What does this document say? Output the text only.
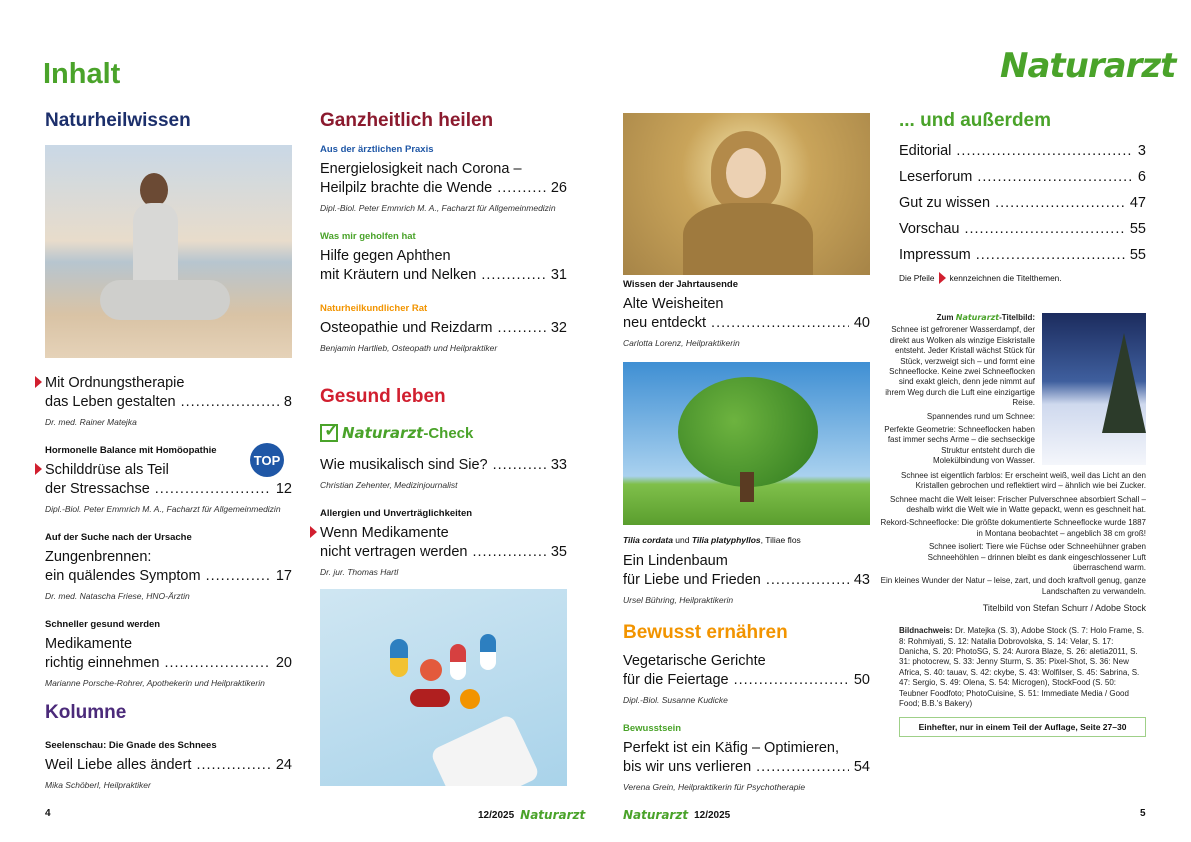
Inhalt	Naturarzt
Naturheilwissen
Mit Ordnungstherapie
das Leben gestalten .....	8
Dr. med. Rainer Matejka
Hormonelle Balance mit Homöopathie
Schilddrüse als Teil
der Stressachse .....	12
TOP
Dipl.-Biol. Peter Emmrich M. A., Facharzt für Allgemeinmedizin
Auf der Suche nach der Ursache
Zungenbrennen:
ein quälendes Symptom .....	17
Dr. med. Natascha Friese, HNO-Ärztin
Schneller gesund werden
Medikamente
richtig einnehmen .....	20
Marianne Porsche-Rohrer, Apothekerin und Heilpraktikerin
Kolumne
Seelenschau: Die Gnade des Schnees
Weil Liebe alles ändert .....	24
Mika Schöberl, Heilpraktiker
Ganzheitlich heilen
Aus der ärztlichen Praxis
Energielosigkeit nach Corona –
Heilpilz brachte die Wende .....	26
Dipl.-Biol. Peter Emmrich M. A., Facharzt für Allgemeinmedizin
Was mir geholfen hat
Hilfe gegen Aphthen
mit Kräutern und Nelken .....	31
Naturheilkundlicher Rat
Osteopathie und Reizdarm .....	32
Benjamin Hartlieb, Osteopath und Heilpraktiker
Gesund leben
✓ Naturarzt -Check
Wie musikalisch sind Sie? .....	33
Christian Zehenter, Medizinjournalist
Allergien und Unverträglichkeiten
Wenn Medikamente
nicht vertragen werden .....	35
Dr. jur. Thomas Hartl
Wissen der Jahrtausende
Alte Weisheiten
neu entdeckt .....	40
Carlotta Lorenz, Heilpraktikerin
Tilia cordata und Tilia platyphyllos, Tiliae flos
Ein Lindenbaum
für Liebe und Frieden .....	43
Ursel Bühring, Heilpraktikerin
Bewusst ernähren
Vegetarische Gerichte
für die Feiertage .....	50
Dipl.-Biol. Susanne Kudicke
Bewusstsein
Perfekt ist ein Käfig – Optimieren,
bis wir uns verlieren .....	54
Verena Grein, Heilpraktikerin für Psychotherapie
... und außerdem
Editorial .....	3
Leserforum .....	6
Gut zu wissen .....	47
Vorschau .....	55
Impressum .....	55
Die Pfeile kennzeichnen die Titelthemen.
Zum Naturarzt-Titelbild:
Schnee ist gefrorener Wasserdampf, der direkt aus Wolken als winzige Eiskristalle entsteht. Jeder Kristall wächst Stück für Stück, verzweigt sich – und formt eine Schneeflocke. Keine zwei Schneeflocken sind exakt gleich, denn jede nimmt auf ihrem Weg durch die Luft eine einzigartige Reise.
Spannendes rund um Schnee:
Perfekte Geometrie: Schneeflocken haben fast immer sechs Arme – die sechseckige Struktur entsteht durch die Molekülbindung von Wasser.
Schnee ist eigentlich farblos: Er erscheint weiß, weil das Licht an den Kristallen gebrochen und reflektiert wird – ähnlich wie bei Zucker.
Schnee macht die Welt leiser: Frischer Pulverschnee absorbiert Schall – deshalb wirkt die Welt wie in Watte gepackt, wenn es geschneit hat.
Rekord-Schneeflocke: Die größte dokumentierte Schneeflocke wurde 1887 in Montana beobachtet – angeblich 38 cm groß!
Schnee isoliert: Tiere wie Füchse oder Schneehühner graben Schneehöhlen – drinnen bleibt es dank eingeschlossener Luft überraschend warm.
Ein kleines Wunder der Natur – leise, zart, und doch kraftvoll genug, ganze Landschaften zu verwandeln.
Titelbild von Stefan Schurr / Adobe Stock
Bildnachweis: Dr. Matejka (S. 3), Adobe Stock (S. 7: Holo Frame, S. 8: Rohmiyati, S. 12: Natalia Dobrovolska, S. 14: Velar, S. 17: Danicha, S. 20: PhotoSG, S. 24: Aurora Blaze, S. 26: aletia2011, S. 31: photocrew, S. 33: Jenny Sturm, S. 35: Pixel-Shot, S. 36: New Africa, S. 40: tauav, S. 42: ckybe, S. 43: Wolfilser, S. 45: Sabrina, S. 47: Sergio, S. 49: Olena, S. 54: Microgen), StockFood (S. 50: Teubner Foodfoto; PhotoCuisine, S. 51: Immediate Media / Good Food; B.B.'s Bakery)
Einhefter, nur in einem Teil der Auflage, Seite 27–30
4	12/2025 Naturarzt	Naturarzt 12/2025	5
